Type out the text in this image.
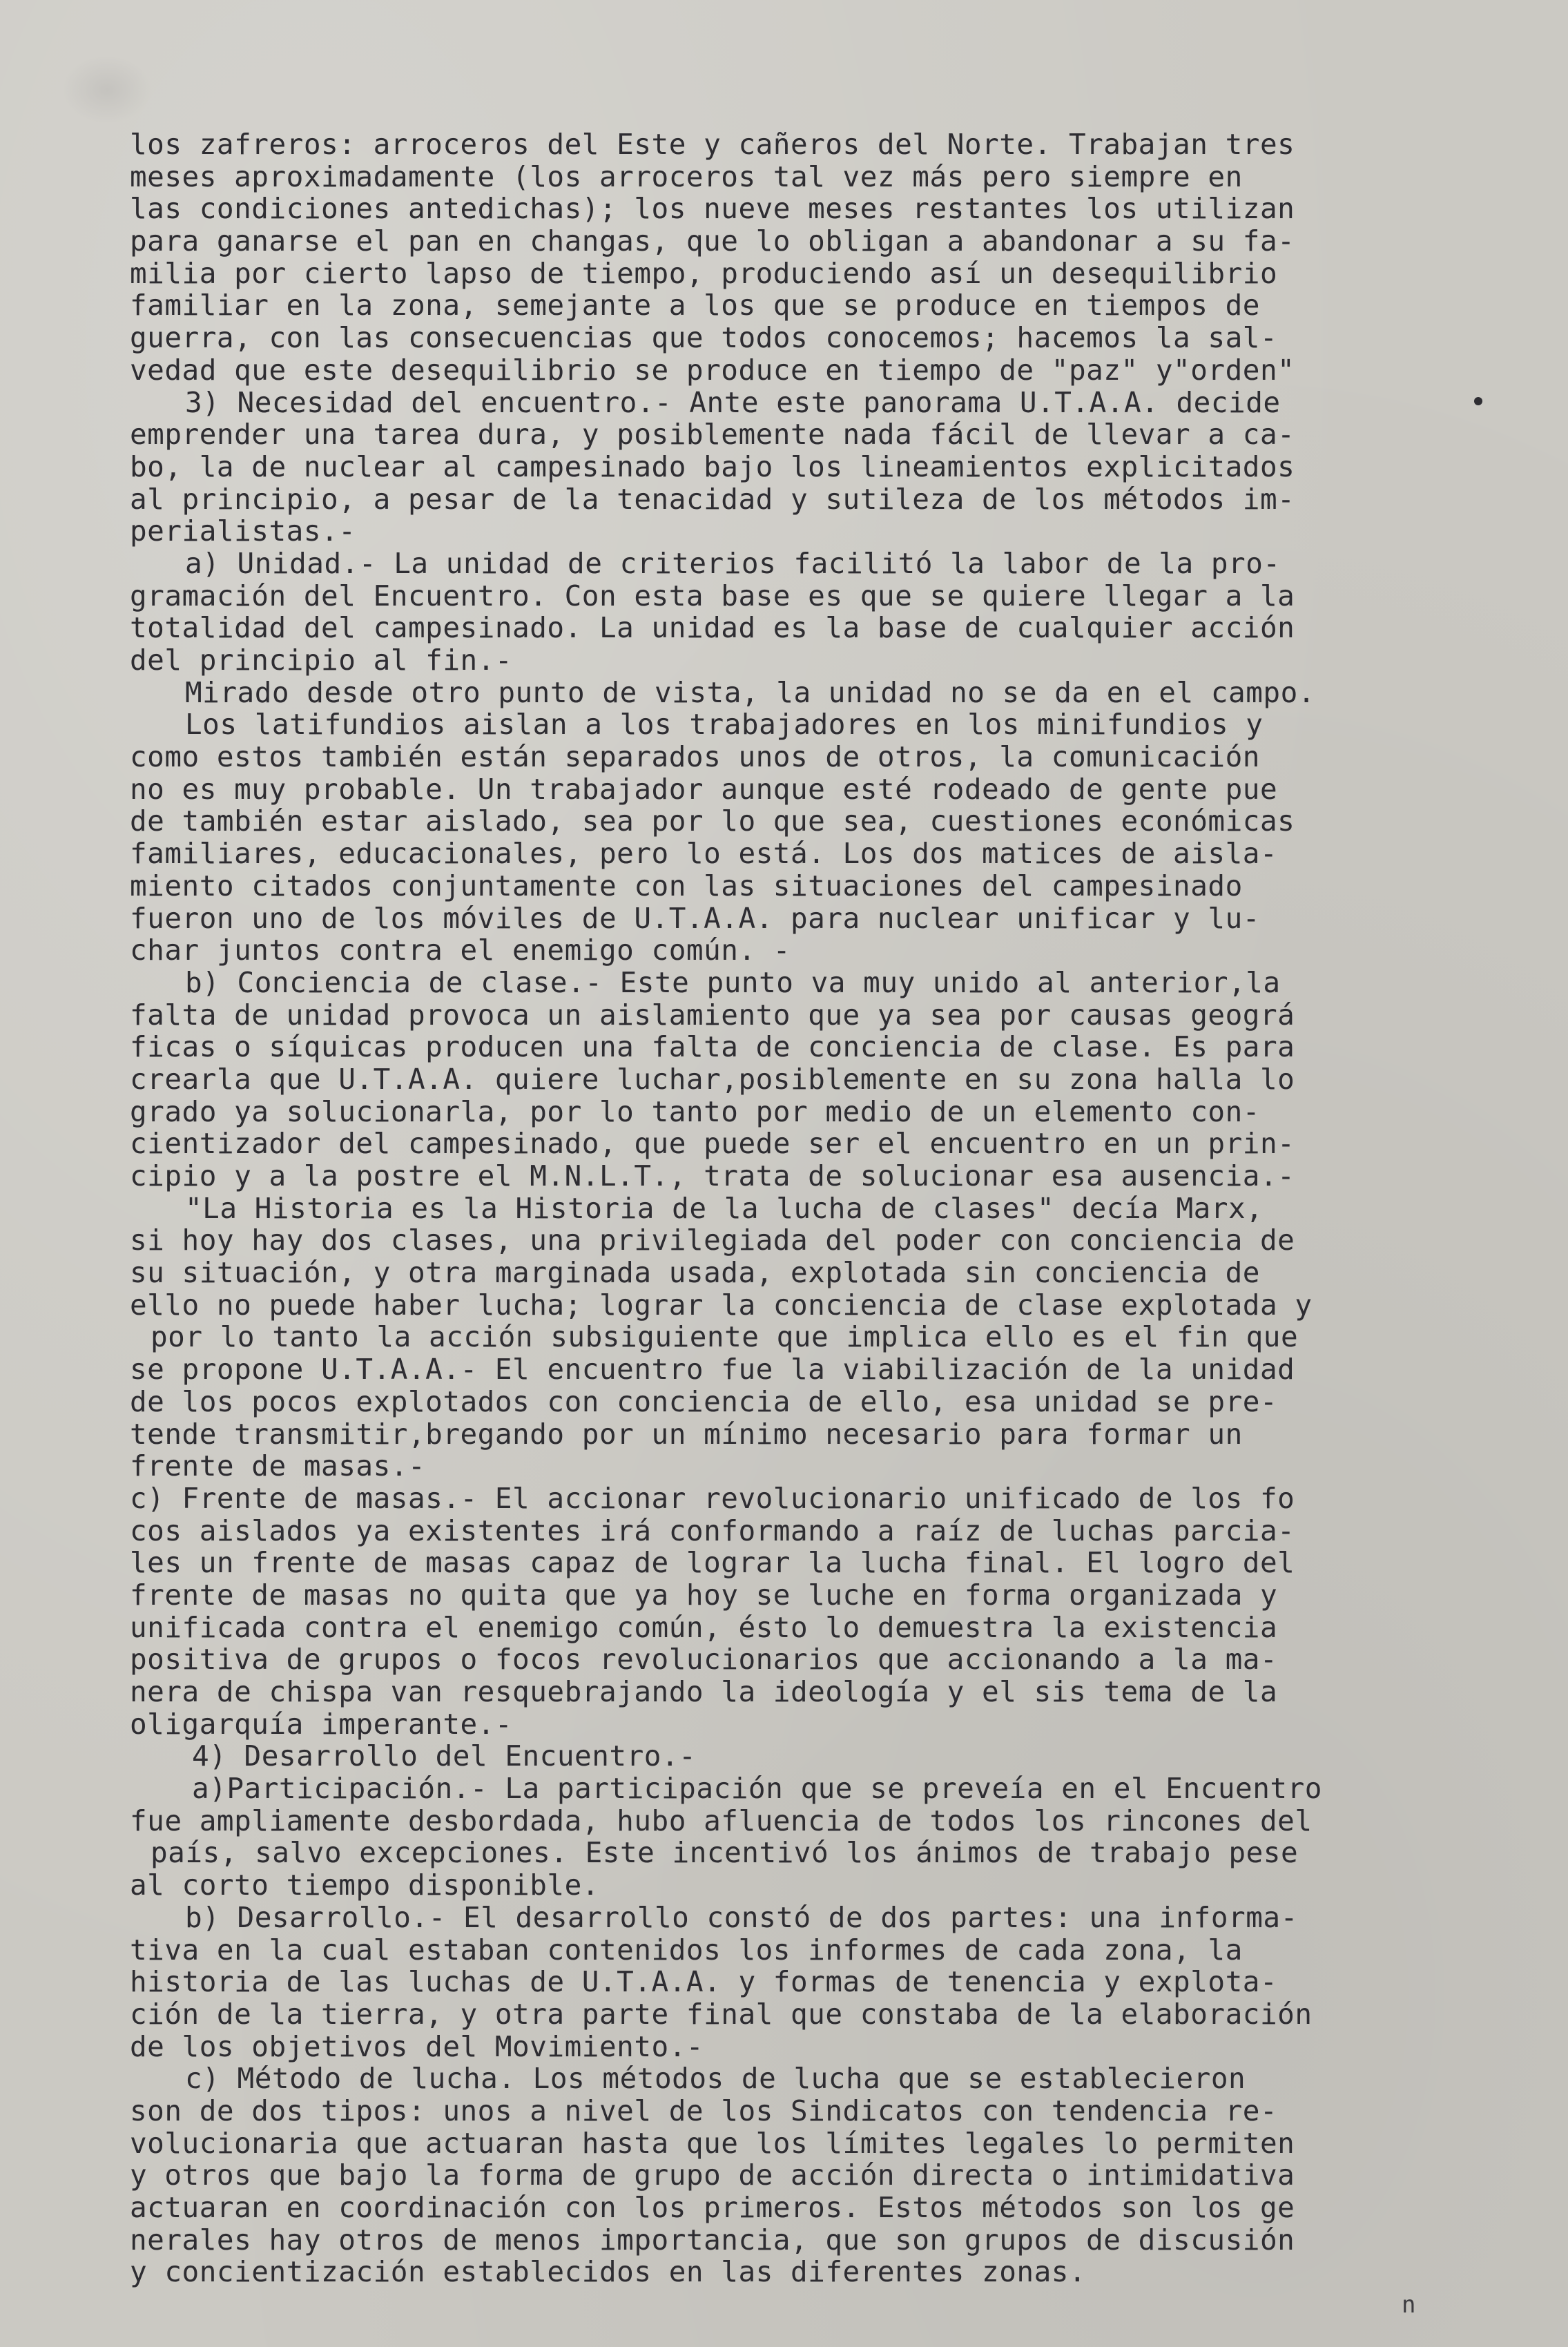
los zafreros: arroceros del Este y cañeros del Norte. Trabajan tres
meses aproximadamente (los arroceros tal vez más pero siempre en
las condiciones antedichas); los nueve meses restantes los utilizan
para ganarse el pan en changas, que lo obligan a abandonar a su fa-
milia por cierto lapso de tiempo, produciendo así un desequilibrio
familiar en la zona, semejante a los que se produce en tiempos de
guerra, con las consecuencias que todos conocemos; hacemos la sal-
vedad que este desequilibrio se produce en tiempo de "paz" y"orden"
3) Necesidad del encuentro.- Ante este panorama U.T.A.A. decide
emprender una tarea dura, y posiblemente nada fácil de llevar a ca-
bo, la de nuclear al campesinado bajo los lineamientos explicitados
al principio, a pesar de la tenacidad y sutileza de los métodos im-
perialistas.-
a) Unidad.- La unidad de criterios facilitó la labor de la pro-
gramación del Encuentro. Con esta base es que se quiere llegar a la
totalidad del campesinado. La unidad es la base de cualquier acción
del principio al fin.-
Mirado desde otro punto de vista, la unidad no se da en el campo.
Los latifundios aislan a los trabajadores en los minifundios y
como estos también están separados unos de otros, la comunicación
no es muy probable. Un trabajador aunque esté rodeado de gente pue
de también estar aislado, sea por lo que sea, cuestiones económicas
familiares, educacionales, pero lo está. Los dos matices de aisla-
miento citados conjuntamente con las situaciones del campesinado
fueron uno de los móviles de U.T.A.A. para nuclear unificar y lu-
char juntos contra el enemigo común. -
b) Conciencia de clase.- Este punto va muy unido al anterior,la
falta de unidad provoca un aislamiento que ya sea por causas geográ
ficas o síquicas producen una falta de conciencia de clase. Es para
crearla que U.T.A.A. quiere luchar,posiblemente en su zona halla lo
grado ya solucionarla, por lo tanto por medio de un elemento con-
cientizador del campesinado, que puede ser el encuentro en un prin-
cipio y a la postre el M.N.L.T., trata de solucionar esa ausencia.-
"La Historia es la Historia de la lucha de clases" decía Marx,
si hoy hay dos clases, una privilegiada del poder con conciencia de
su situación, y otra marginada usada, explotada sin conciencia de
ello no puede haber lucha; lograr la conciencia de clase explotada y
por lo tanto la acción subsiguiente que implica ello es el fin que
se propone U.T.A.A.- El encuentro fue la viabilización de la unidad
de los pocos explotados con conciencia de ello, esa unidad se pre-
tende transmitir,bregando por un mínimo necesario para formar un
frente de masas.-
c) Frente de masas.- El accionar revolucionario unificado de los fo
cos aislados ya existentes irá conformando a raíz de luchas parcia-
les un frente de masas capaz de lograr la lucha final. El logro del
frente de masas no quita que ya hoy se luche en forma organizada y
unificada contra el enemigo común, ésto lo demuestra la existencia
positiva de grupos o focos revolucionarios que accionando a la ma-
nera de chispa van resquebrajando la ideología y el sis tema de la
oligarquía imperante.-
4) Desarrollo del Encuentro.-
a)Participación.- La participación que se preveía en el Encuentro
fue ampliamente desbordada, hubo afluencia de todos los rincones del
país, salvo excepciones. Este incentivó los ánimos de trabajo pese
al corto tiempo disponible.
b) Desarrollo.- El desarrollo constó de dos partes: una informa-
tiva en la cual estaban contenidos los informes de cada zona, la
historia de las luchas de U.T.A.A. y formas de tenencia y explota-
ción de la tierra, y otra parte final que constaba de la elaboración
de los objetivos del Movimiento.-
c) Método de lucha. Los métodos de lucha que se establecieron
son de dos tipos: unos a nivel de los Sindicatos con tendencia re-
volucionaria que actuaran hasta que los límites legales lo permiten
y otros que bajo la forma de grupo de acción directa o intimidativa
actuaran en coordinación con los primeros. Estos métodos son los ge
nerales hay otros de menos importancia, que son grupos de discusión
y concientización establecidos en las diferentes zonas.
n
